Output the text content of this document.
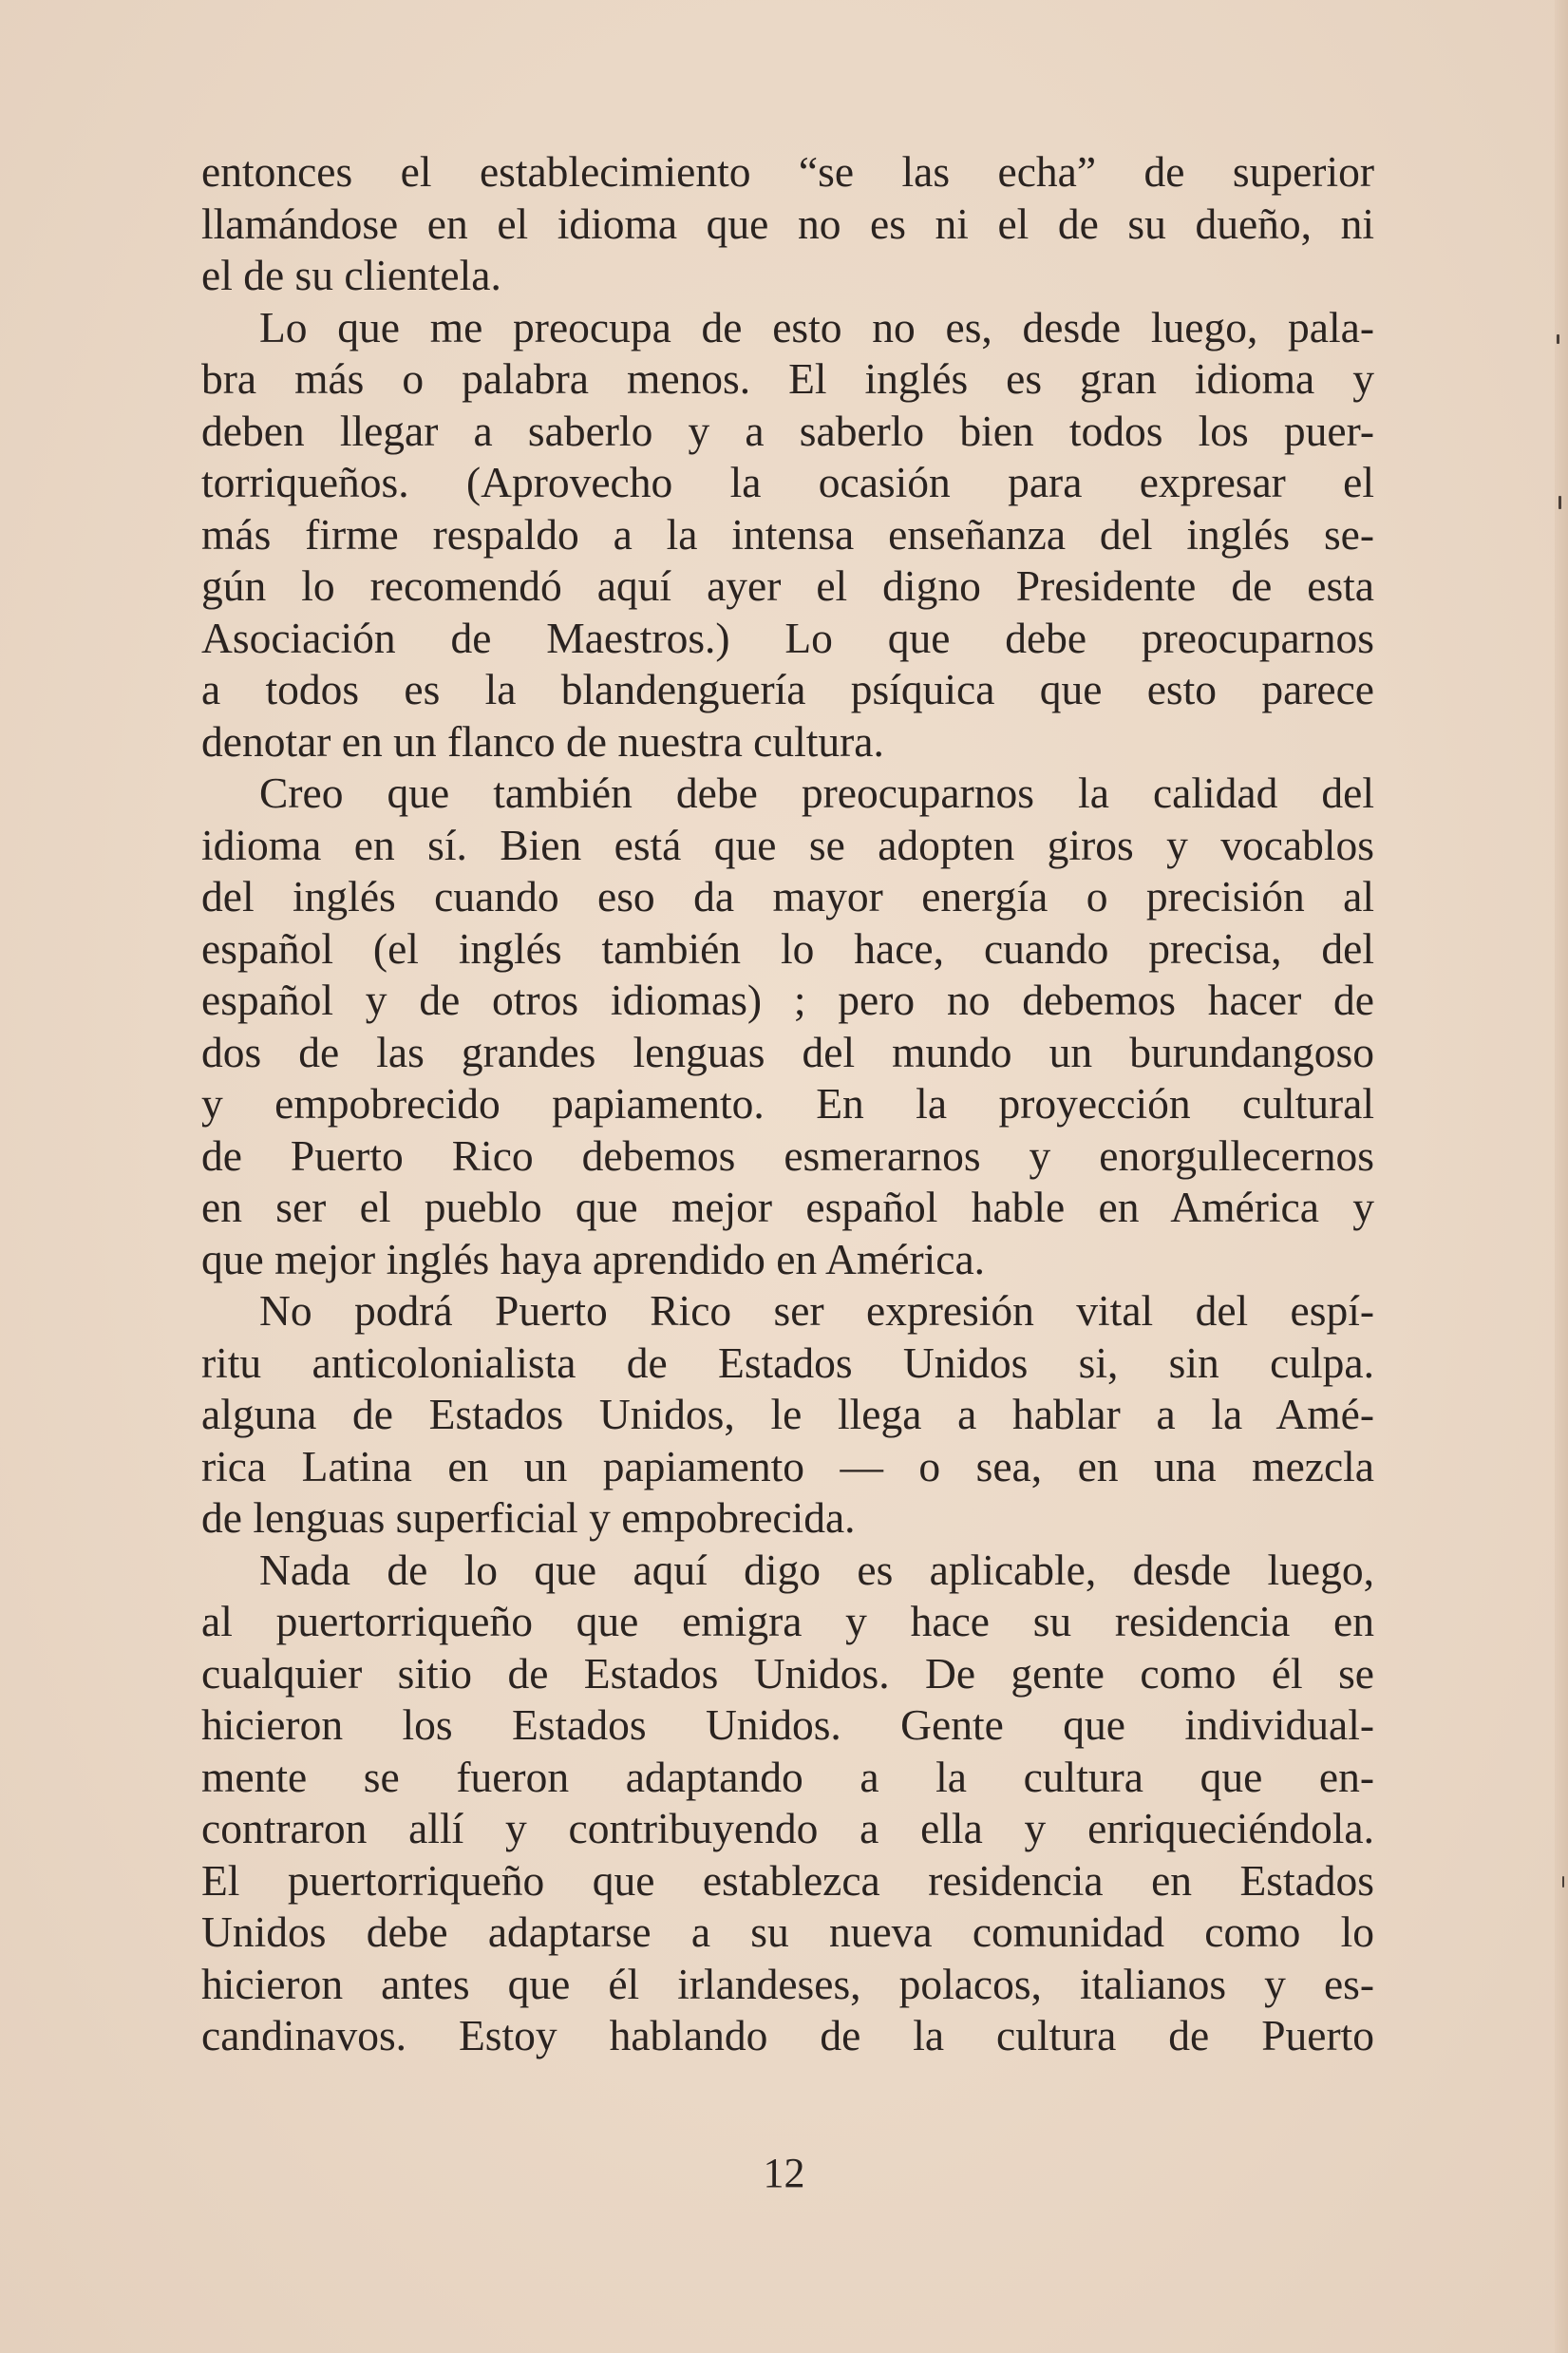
entonces el establecimiento “se las echa” de superior
llamándose en el idioma que no es ni el de su dueño, ni
el de su clientela.
Lo que me preocupa de esto no es, desde luego, pala-
bra más o palabra menos. El inglés es gran idioma y
deben llegar a saberlo y a saberlo bien todos los puer-
torriqueños. (Aprovecho la ocasión para expresar el
más firme respaldo a la intensa enseñanza del inglés se-
gún lo recomendó aquí ayer el digno Presidente de esta
Asociación de Maestros.) Lo que debe preocuparnos
a todos es la blandenguería psíquica que esto parece
denotar en un flanco de nuestra cultura.
Creo que también debe preocuparnos la calidad del
idioma en sí. Bien está que se adopten giros y vocablos
del inglés cuando eso da mayor energía o precisión al
español (el inglés también lo hace, cuando precisa, del
español y de otros idiomas) ; pero no debemos hacer de
dos de las grandes lenguas del mundo un burundangoso
y empobrecido papiamento. En la proyección cultural
de Puerto Rico debemos esmerarnos y enorgullecernos
en ser el pueblo que mejor español hable en América y
que mejor inglés haya aprendido en América.
No podrá Puerto Rico ser expresión vital del espí-
ritu anticolonialista de Estados Unidos si, sin culpa.
alguna de Estados Unidos, le llega a hablar a la Amé-
rica Latina en un papiamento — o sea, en una mezcla
de lenguas superficial y empobrecida.
Nada de lo que aquí digo es aplicable, desde luego,
al puertorriqueño que emigra y hace su residencia en
cualquier sitio de Estados Unidos. De gente como él se
hicieron los Estados Unidos. Gente que individual-
mente se fueron adaptando a la cultura que en-
contraron allí y contribuyendo a ella y enriqueciéndola.
El puertorriqueño que establezca residencia en Estados
Unidos debe adaptarse a su nueva comunidad como lo
hicieron antes que él irlandeses, polacos, italianos y es-
candinavos. Estoy hablando de la cultura de Puerto
12
